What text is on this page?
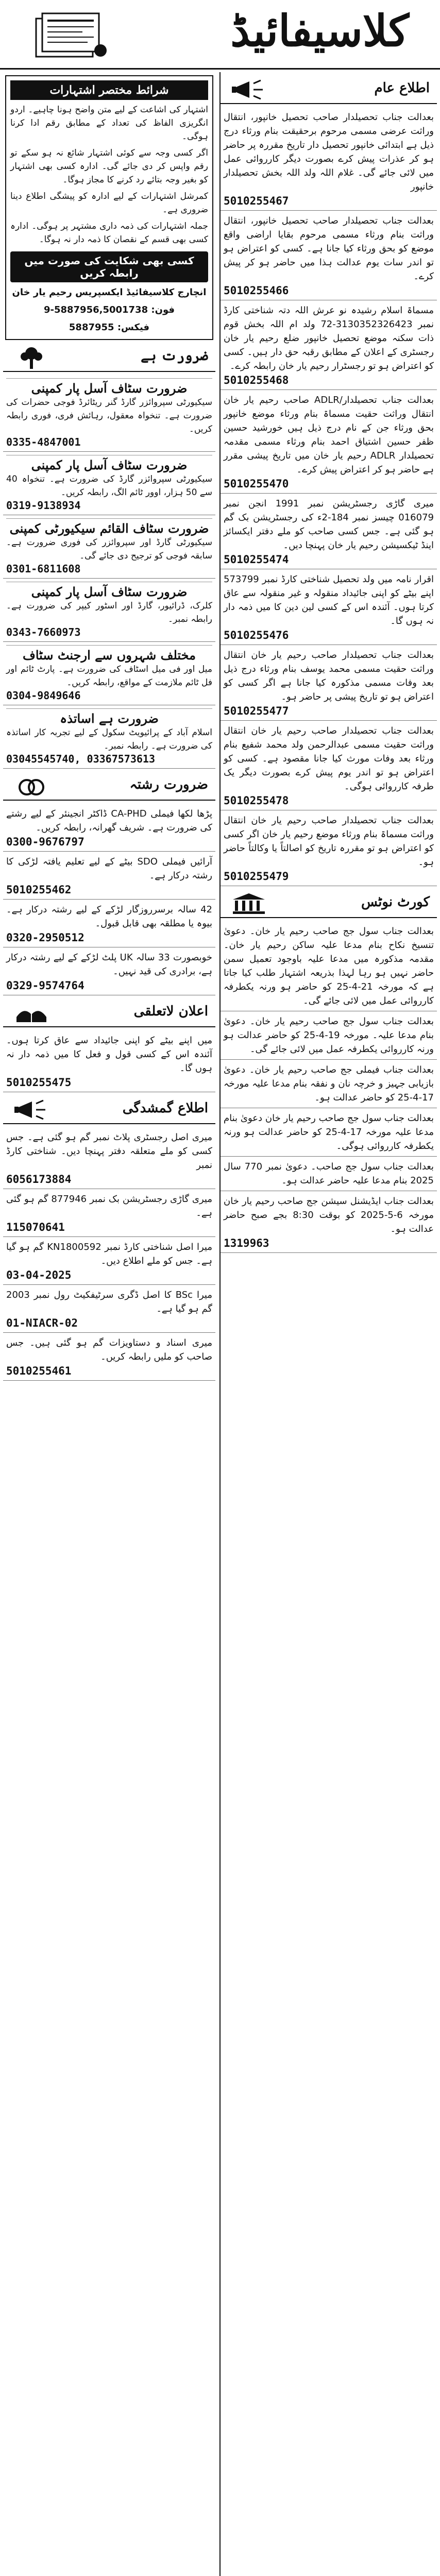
کلاسیفائیڈ
اطلاع عام
بعدالت جناب تحصیلدار صاحب تحصیل خانپور، انتقال وراثت عرضی مسمی مرحوم برحقیقت بنام ورثاء درج ذیل ہے ابتدائی خانپور تحصیل دار تاریخ مقررہ پر حاضر ہو کر عذرات پیش کرے بصورت دیگر کارروائی عمل میں لائی جائے گی۔ غلام اللہ ولد اللہ بخش تحصیلدار خانپور
5010255467
بعدالت جناب تحصیلدار صاحب تحصیل خانپور، انتقال وراثت بنام ورثاء مسمی مرحوم بقایا اراضی واقع موضع کو بحق ورثاء کیا جانا ہے۔ کسی کو اعتراض ہو تو اندر سات یوم عدالت ہذا میں حاضر ہو کر پیش کرے۔
5010255466
مسماۃ اسلام رشیدہ نو عرش اللہ دتہ شناختی کارڈ نمبر 3130352326423-72 ولد ام اللہ بخش قوم ذات سکنہ موضع تحصیل خانپور ضلع رحیم یار خان رجسٹری کے اعلان کے مطابق رقبہ حق دار ہیں۔ کسی کو اعتراض ہو تو رجسٹرار رحیم یار خان رابطہ کرے۔
5010255468
بعدالت جناب تحصیلدار/ADLR صاحب رحیم یار خان انتقال وراثت حقیت مسماۃ بنام ورثاء موضع خانپور بحق ورثاء جن کے نام درج ذیل ہیں خورشید حسین ظفر حسین اشتیاق احمد بنام ورثاء مسمی مقدمہ تحصیلدار ADLR رحیم یار خان میں تاریخ پیشی مقرر ہے حاضر ہو کر اعتراض پیش کرے۔
5010255470
میری گاڑی رجسٹریشن نمبر 1991 انجن نمبر 016079 چیسز نمبر 184-2ء کی رجسٹریشن بک گم ہو گئی ہے۔ جس کسی صاحب کو ملے دفتر ایکسائز اینڈ ٹیکسیشن رحیم یار خان پہنچا دیں۔
5010255474
اقرار نامہ میں ولد تحصیل شناختی کارڈ نمبر 573799 اپنے بیٹے کو اپنی جائیداد منقولہ و غیر منقولہ سے عاق کرتا ہوں۔ آئندہ اس کے کسی لین دین کا میں ذمہ دار نہ ہوں گا۔
5010255476
بعدالت جناب تحصیلدار صاحب رحیم یار خان انتقال وراثت حقیت مسمی محمد یوسف بنام ورثاء درج ذیل بعد وفات مسمی مذکورہ کیا جانا ہے اگر کسی کو اعتراض ہو تو تاریخ پیشی پر حاضر ہو۔
5010255477
بعدالت جناب تحصیلدار صاحب رحیم یار خان انتقال وراثت حقیت مسمی عبدالرحمن ولد محمد شفیع بنام ورثاء بعد وفات مورث کیا جانا مقصود ہے۔ کسی کو اعتراض ہو تو اندر یوم پیش کرے بصورت دیگر یک طرفہ کارروائی ہوگی۔
5010255478
بعدالت جناب تحصیلدار صاحب رحیم یار خان انتقال وراثت مسماۃ بنام ورثاء موضع رحیم یار خان اگر کسی کو اعتراض ہو تو مقررہ تاریخ کو اصالتاً یا وکالتاً حاضر ہو۔
5010255479
کورٹ نوٹس
بعدالت جناب سول جج صاحب رحیم یار خان۔ دعویٰ تنسیخ نکاح بنام مدعا علیہ ساکن رحیم یار خان۔ مقدمہ مذکورہ میں مدعا علیہ باوجود تعمیل سمن حاضر نہیں ہو رہا لہذا بذریعہ اشتہار طلب کیا جاتا ہے کہ مورخہ 21-4-25 کو حاضر ہو ورنہ یکطرفہ کارروائی عمل میں لائی جائے گی۔
بعدالت جناب سول جج صاحب رحیم یار خان۔ دعویٰ بنام مدعا علیہ۔ مورخہ 19-4-25 کو حاضر عدالت ہو ورنہ کارروائی یکطرفہ عمل میں لائی جائے گی۔
بعدالت جناب فیملی جج صاحب رحیم یار خان۔ دعویٰ بازیابی جہیز و خرچہ نان و نفقہ بنام مدعا علیہ مورخہ 17-4-25 کو حاضر عدالت ہو۔
بعدالت جناب سول جج صاحب رحیم یار خان دعویٰ بنام مدعا علیہ مورخہ 17-4-25 کو حاضر عدالت ہو ورنہ یکطرفہ کارروائی ہوگی۔
بعدالت جناب سول جج صاحب۔ دعویٰ نمبر 770 سال 2025 بنام مدعا علیہ حاضر عدالت ہو۔
بعدالت جناب ایڈیشنل سیشن جج صاحب رحیم یار خان مورخہ 6-5-2025 کو بوقت 8:30 بجے صبح حاضر عدالت ہو۔
1319963
شرائط مختصر اشتہارات
اشتہار کی اشاعت کے لیے متن واضح ہونا چاہیے۔ اردو انگریزی الفاظ کی تعداد کے مطابق رقم ادا کرنا ہوگی۔
اگر کسی وجہ سے کوئی اشتہار شائع نہ ہو سکے تو رقم واپس کر دی جائے گی۔ ادارہ کسی بھی اشتہار کو بغیر وجہ بتائے رد کرنے کا مجاز ہوگا۔
کمرشل اشتہارات کے لیے ادارہ کو پیشگی اطلاع دینا ضروری ہے۔
جملہ اشتہارات کی ذمہ داری مشتہر پر ہوگی۔ ادارہ کسی بھی قسم کے نقصان کا ذمہ دار نہ ہوگا۔
کسی بھی شکایت کی صورت میں رابطہ کریں
انچارج کلاسیفائیڈ ایکسپریس رحیم یار خان
فون: 5887956,5001738-9
فیکس: 5887955
ضرورت ہے
ضرورت سٹاف آسل پار کمپنی
سیکیورٹی سپروائزر گارڈ گنر ریٹائرڈ فوجی حضرات کی ضرورت ہے۔ تنخواہ معقول، رہائش فری، فوری رابطہ کریں۔
0335-4847001
ضرورت سٹاف آسل پار کمپنی
سیکیورٹی سپروائزر گارڈ کی ضرورت ہے۔ تنخواہ 40 سے 50 ہزار، اوور ٹائم الگ، رابطہ کریں۔
0319-9138934
ضرورت سٹاف القائم سیکیورٹی کمپنی
سیکیورٹی گارڈ اور سپروائزر کی فوری ضرورت ہے۔ سابقہ فوجی کو ترجیح دی جائے گی۔
0301-6811608
ضرورت سٹاف آسل پار کمپنی
کلرک، ڈرائیور، گارڈ اور اسٹور کیپر کی ضرورت ہے۔ رابطہ نمبر۔
0343-7660973
مختلف شہروں سے ارجنٹ سٹاف
میل اور فی میل اسٹاف کی ضرورت ہے۔ پارٹ ٹائم اور فل ٹائم ملازمت کے مواقع، رابطہ کریں۔
0304-9849646
ضرورت ہے اساتذہ
اسلام آباد کے پرائیویٹ سکول کے لیے تجربہ کار اساتذہ کی ضرورت ہے۔ رابطہ نمبر۔
03045545740, 03367573613
ضرورت رشتہ
پڑھا لکھا فیملی CA-PHD ڈاکٹر انجینئر کے لیے رشتے کی ضرورت ہے۔ شریف گھرانہ، رابطہ کریں۔
0300-9676797
آرائیں فیملی SDO بیٹے کے لیے تعلیم یافتہ لڑکی کا رشتہ درکار ہے۔
5010255462
42 سالہ برسرروزگار لڑکے کے لیے رشتہ درکار ہے۔ بیوہ یا مطلقہ بھی قابل قبول۔
0320-2950512
خوبصورت 33 سالہ UK پلٹ لڑکے کے لیے رشتہ درکار ہے، برادری کی قید نہیں۔
0329-9574764
اعلان لاتعلقی
میں اپنے بیٹے کو اپنی جائیداد سے عاق کرتا ہوں۔ آئندہ اس کے کسی قول و فعل کا میں ذمہ دار نہ ہوں گا۔
5010255475
اطلاع گمشدگی
میری اصل رجسٹری پلاٹ نمبر گم ہو گئی ہے۔ جس کسی کو ملے متعلقہ دفتر پہنچا دیں۔ شناختی کارڈ نمبر
6056173884
میری گاڑی رجسٹریشن بک نمبر 877946 گم ہو گئی ہے۔
115070641
میرا اصل شناختی کارڈ نمبر KN1800592 گم ہو گیا ہے۔ جس کو ملے اطلاع دیں۔
03-04-2025
میرا BSc کا اصل ڈگری سرٹیفکیٹ رول نمبر 2003 گم ہو گیا ہے۔
01-NIACR-02
میری اسناد و دستاویزات گم ہو گئی ہیں۔ جس صاحب کو ملیں رابطہ کریں۔
5010255461
